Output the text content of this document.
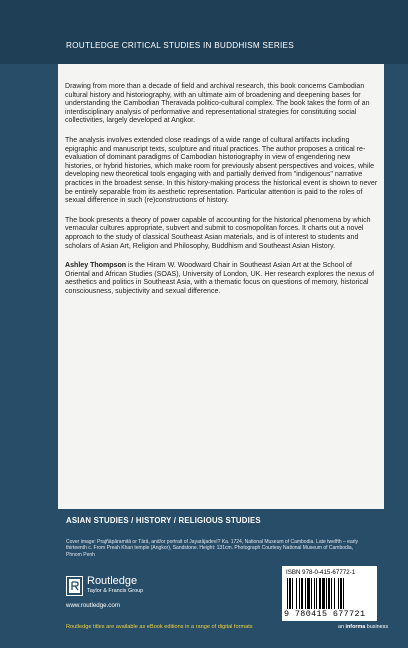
ROUTLEDGE CRITICAL STUDIES IN BUDDHISM SERIES

Drawing from more than a decade of field and archival research, this book concerns Cambodian cultural history and historiography, with an ultimate aim of broadening and deepening bases for understanding the Cambodian Theravada politico-cultural complex. The book takes the form of an interdisciplinary analysis of performative and representational strategies for constituting social collectivities, largely developed at Angkor.

The analysis involves extended close readings of a wide range of cultural artifacts including epigraphic and manuscript texts, sculpture and ritual practices. The author proposes a critical re-evaluation of dominant paradigms of Cambodian historiography in view of engendering new histories, or hybrid histories, which make room for previously absent perspectives and voices, while developing new theoretical tools engaging with and partially derived from "indigenous" narrative practices in the broadest sense. In this history-making process the historical event is shown to never be entirely separable from its aesthetic representation. Particular attention is paid to the roles of sexual difference in such (re)constructions of history.

The book presents a theory of power capable of accounting for the historical phenomena by which vernacular cultures appropriate, subvert and submit to cosmopolitan forces. It charts out a novel approach to the study of classical Southeast Asian materials, and is of interest to students and scholars of Asian Art, Religion and Philosophy, Buddhism and Southeast Asian History.

Ashley Thompson is the Hiram W. Woodward Chair in Southeast Asian Art at the School of Oriental and African Studies (SOAS), University of London, UK. Her research explores the nexus of aesthetics and politics in Southeast Asia, with a thematic focus on questions of memory, historical consciousness, subjectivity and sexual difference.

ASIAN STUDIES / HISTORY / RELIGIOUS STUDIES
Cover image: Prajñāpāramitā or Tārā, and/or portrait of Jayarājadevī? Ka. 1724, National Museum of Cambodia. Late twelfth – early thirteenth c. From Preah Khan temple (Angkor), Sandstone. Height: 131cm. Photograph Courtesy National Museum of Cambodia, Phnom Penh
Routledge
Taylor & Francis Group
www.routledge.com
ISBN 978-0-415-67772-1
9 780415 677721
Routledge titles are available as eBook editions in a range of digital formats	an informa business
